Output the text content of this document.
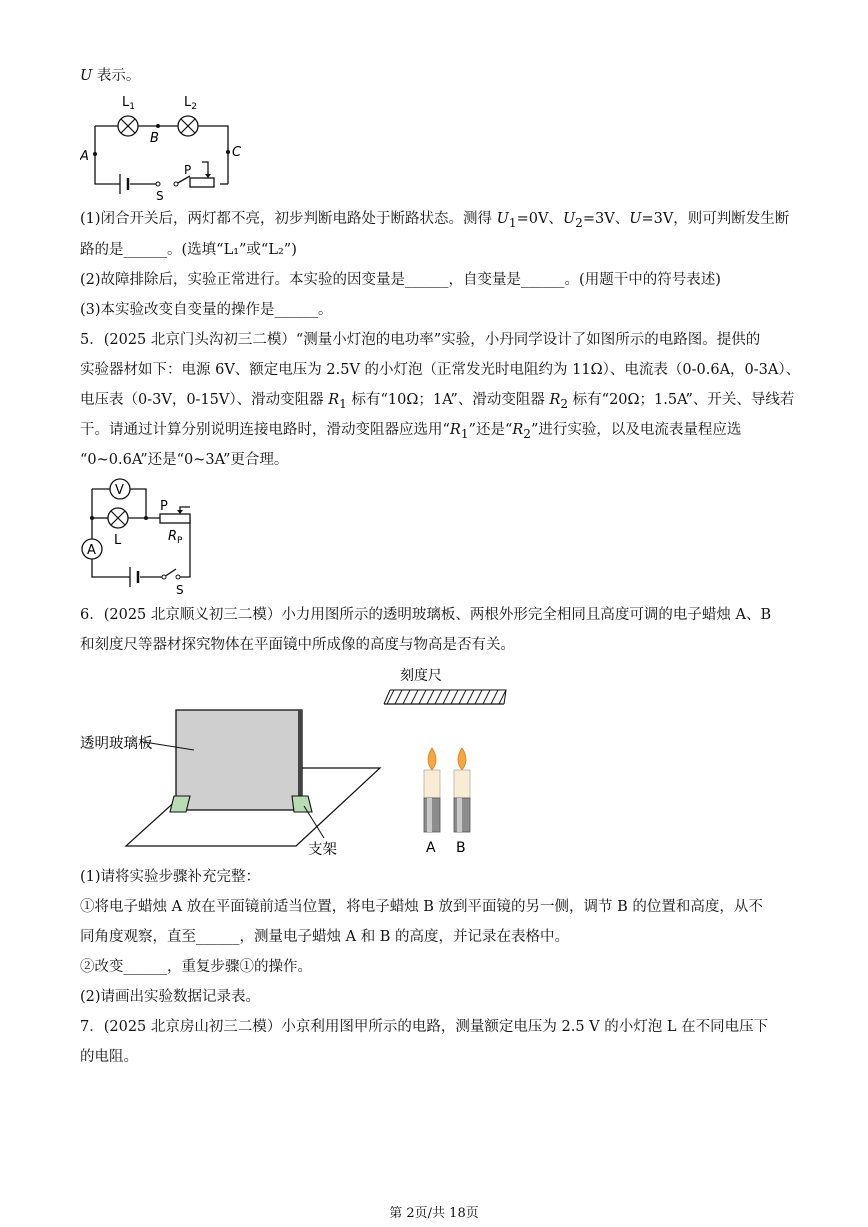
U 表示。
$L_1$	$L_2$
A
B
C
P
S
(1)闭合开关后，两灯都不亮，初步判断电路处于断路状态。测得 $U_1=0V$、$U_2=3V$、U=3V，则可判断发生断
路的是______。(选填“L₁”或“L₂”)
(2)故障排除后，实验正常进行。本实验的因变量是______，自变量是______。(用题干中的符号表述)
(3)本实验改变自变量的操作是______。
5．(2025 北京门头沟初三二模）“测量小灯泡的电功率”实验，小丹同学设计了如图所示的电路图。提供的
实验器材如下：电源 6V、额定电压为 2.5V 的小灯泡（正常发光时电阻约为 11Ω）、电流表（0-0.6A，0-3A）、
电压表（0-3V，0-15V）、滑动变阻器 $R_1$ 标有“10Ω；1A”、滑动变阻器 $R_2$ 标有“20Ω；1.5A”、开关、导线若
干。请通过计算分别说明连接电路时，滑动变阻器应选用“$R_1$”还是“$R_2$”进行实验，以及电流表量程应选
“0~0.6A”还是“0~3A”更合理。
V
A
P
L	$R_P$
S
6．(2025 北京顺义初三二模）小力用图所示的透明玻璃板、两根外形完全相同且高度可调的电子蜡烛 A、B
和刻度尺等器材探究物体在平面镜中所成像的高度与物高是否有关。
刻度尺
透明玻璃板
支架	A B
(1)请将实验步骤补充完整：
①将电子蜡烛 A 放在平面镜前适当位置，将电子蜡烛 B 放到平面镜的另一侧，调节 B 的位置和高度，从不
同角度观察，直至______，测量电子蜡烛 A 和 B 的高度，并记录在表格中。
②改变______，重复步骤①的操作。
(2)请画出实验数据记录表。
7．(2025 北京房山初三二模）小京利用图甲所示的电路，测量额定电压为 2.5 V 的小灯泡 L 在不同电压下
的电阻。
第 2页/共 18页
